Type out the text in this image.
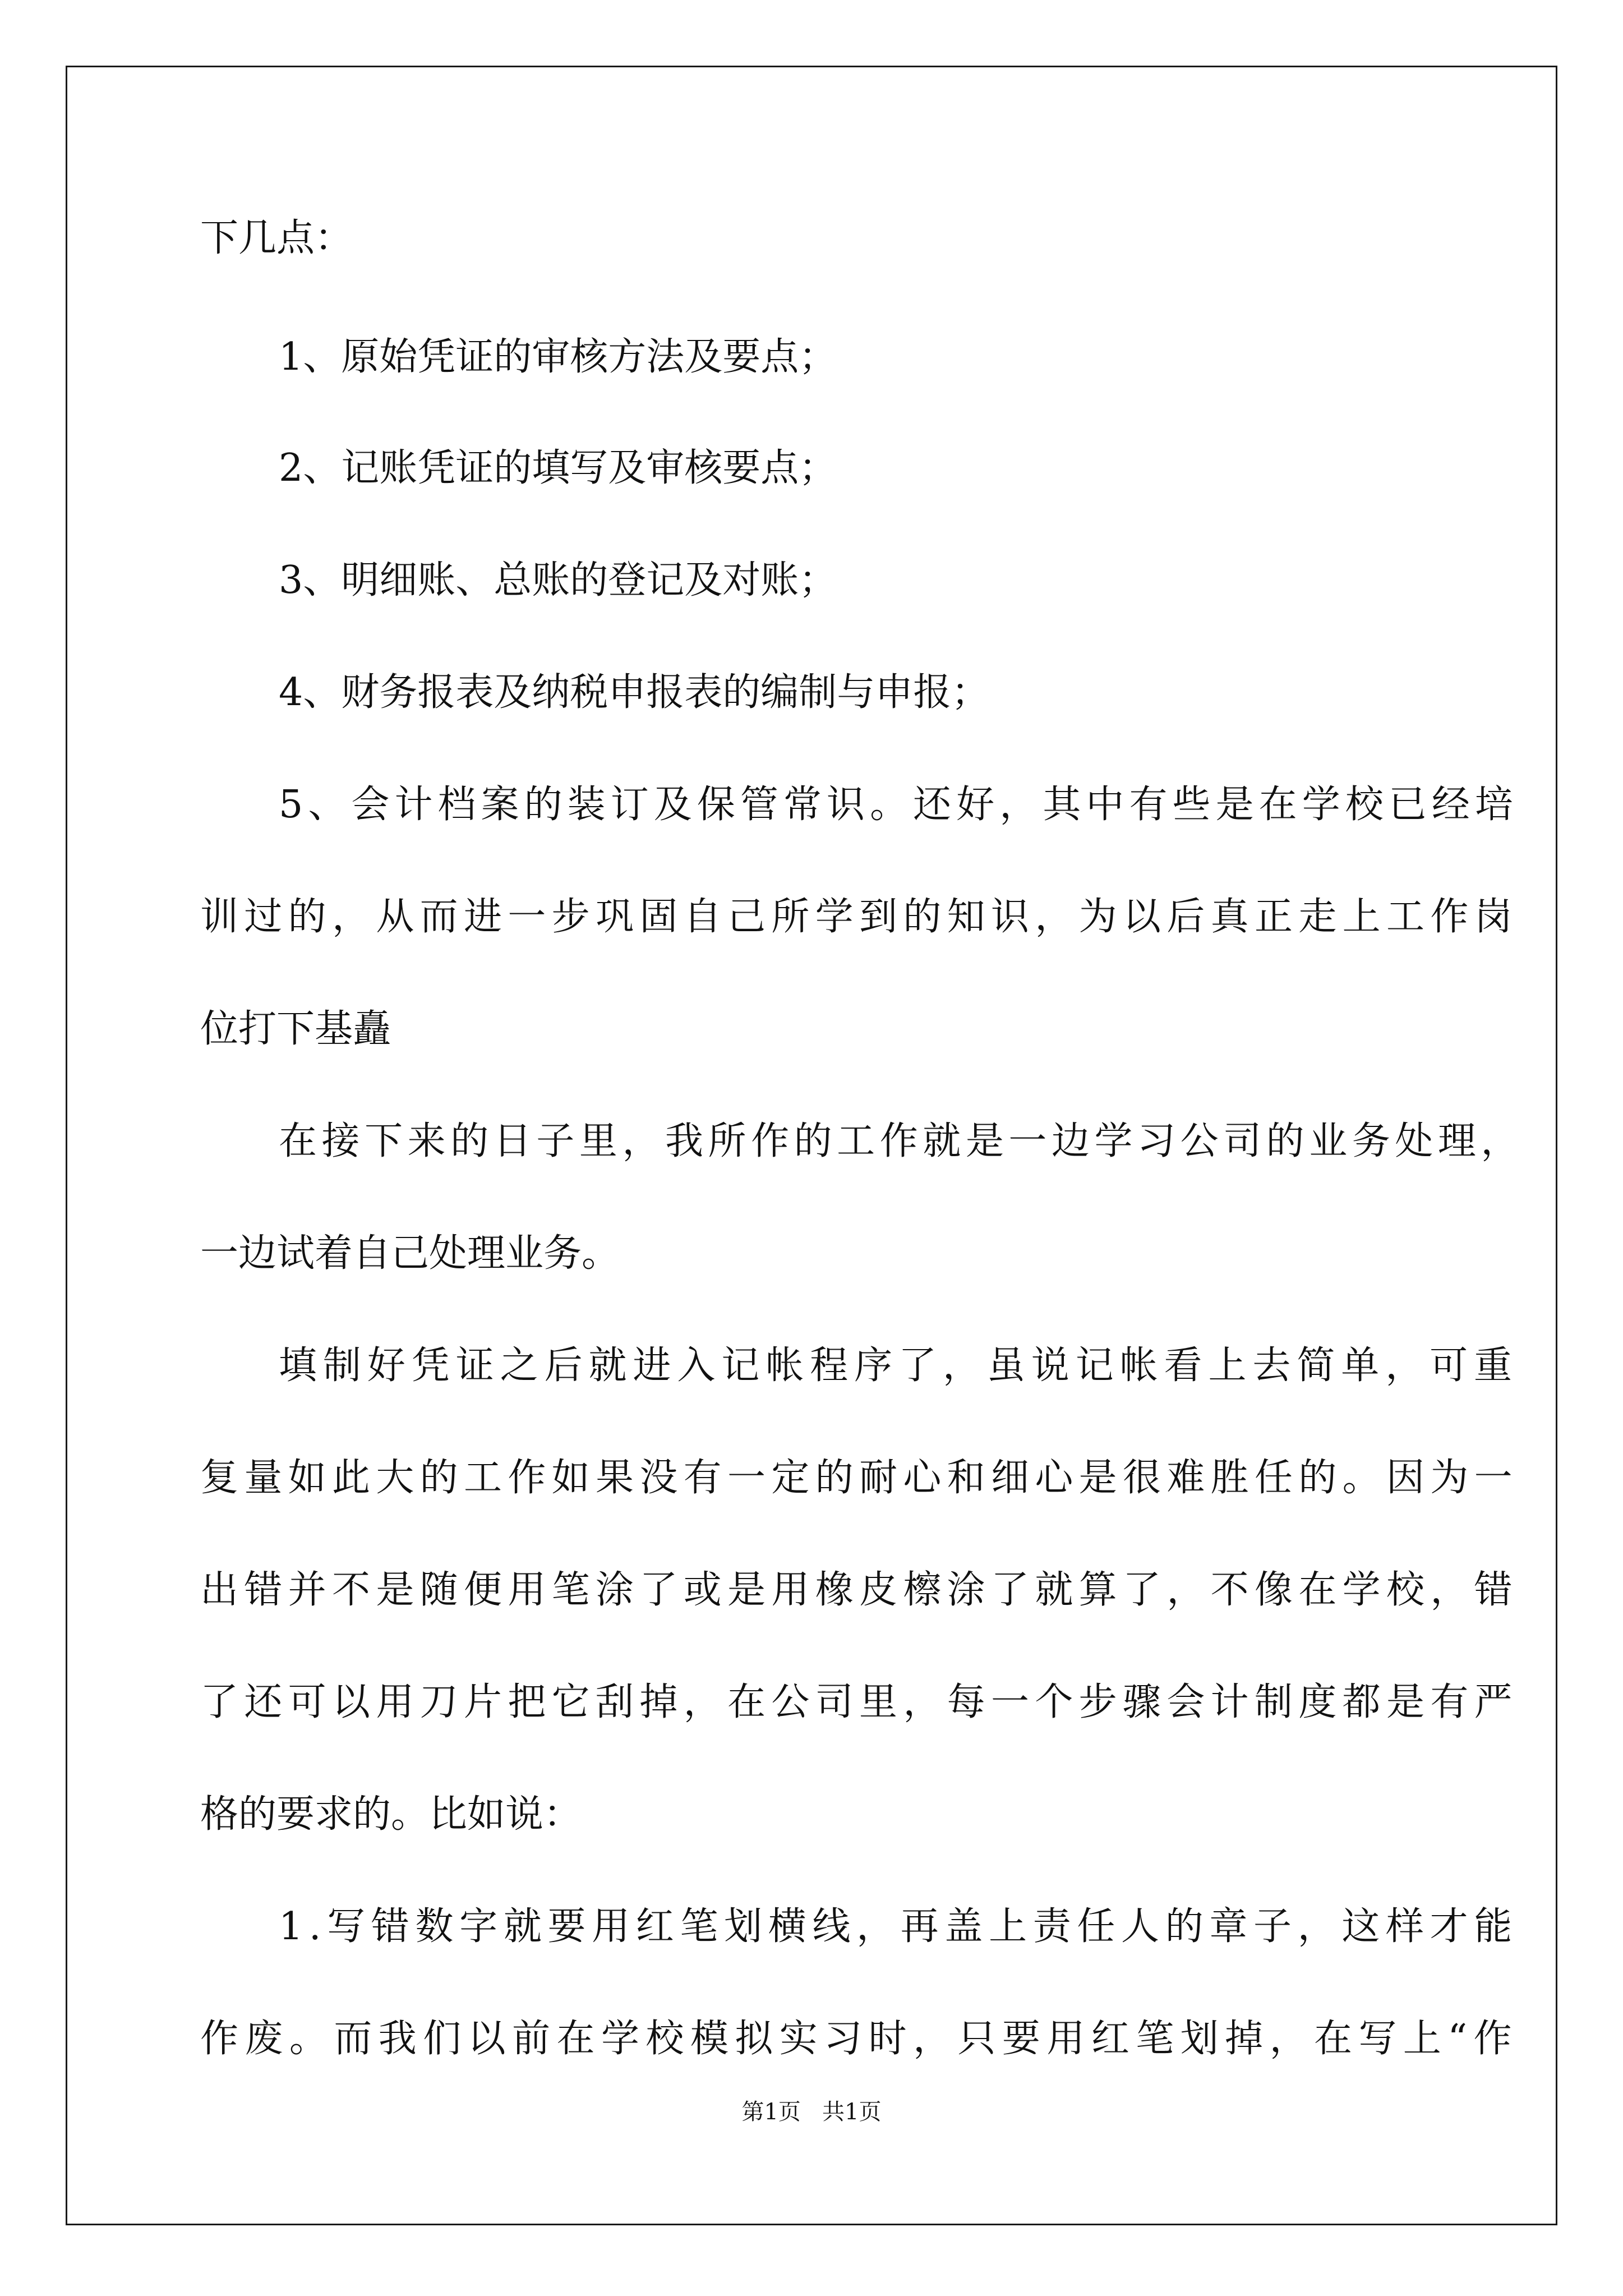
下几点：
1、原始凭证的审核方法及要点；
2、记账凭证的填写及审核要点；
3、明细账、总账的登记及对账；
4、财务报表及纳税申报表的编制与申报；
5、会计档案的装订及保管常识。还好，其中有些是在学校已经培
训过的，从而进一步巩固自己所学到的知识，为以后真正走上工作岗
位打下基矗
在接下来的日子里，我所作的工作就是一边学习公司的业务处理，
一边试着自己处理业务。
填制好凭证之后就进入记帐程序了，虽说记帐看上去简单，可重
复量如此大的工作如果没有一定的耐心和细心是很难胜任的。因为一
出错并不是随便用笔涂了或是用橡皮檫涂了就算了，不像在学校，错
了还可以用刀片把它刮掉，在公司里，每一个步骤会计制度都是有严
格的要求的。比如说：
1.写错数字就要用红笔划横线，再盖上责任人的章子，这样才能
作废。而我们以前在学校模拟实习时，只要用红笔划掉，在写上“作
第1页   共1页
